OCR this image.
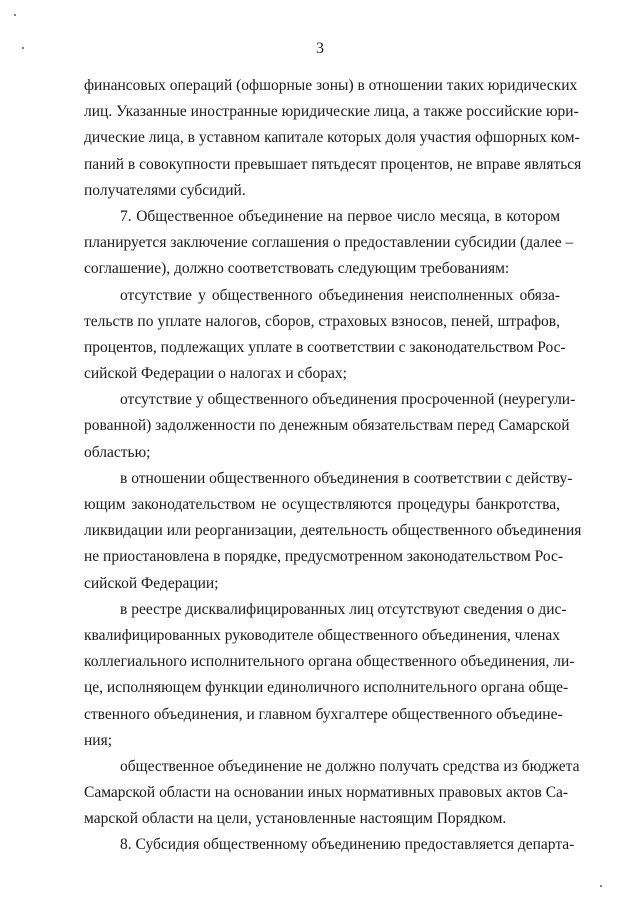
3
финансовых операций (офшорные зоны) в отношении таких юридических
лиц. Указанные иностранные юридические лица, а также российские юри-
дические лица, в уставном капитале которых доля участия офшорных ком-
паний в совокупности превышает пятьдесят процентов, не вправе являться
получателями субсидий.
7. Общественное объединение на первое число месяца, в котором
планируется заключение соглашения о предоставлении субсидии (далее –
соглашение), должно соответствовать следующим требованиям:
отсутствие у общественного объединения неисполненных обяза-
тельств по уплате налогов, сборов, страховых взносов, пеней, штрафов,
процентов, подлежащих уплате в соответствии с законодательством Рос-
сийской Федерации о налогах и сборах;
отсутствие у общественного объединения просроченной (неурегули-
рованной) задолженности по денежным обязательствам перед Самарской
областью;
в отношении общественного объединения в соответствии с действу-
ющим законодательством не осуществляются процедуры банкротства,
ликвидации или реорганизации, деятельность общественного объединения
не приостановлена в порядке, предусмотренном законодательством Рос-
сийской Федерации;
в реестре дисквалифицированных лиц отсутствуют сведения о дис-
квалифицированных руководителе общественного объединения, членах
коллегиального исполнительного органа общественного объединения, ли-
це, исполняющем функции единоличного исполнительного органа обще-
ственного объединения, и главном бухгалтере общественного объедине-
ния;
общественное объединение не должно получать средства из бюджета
Самарской области на основании иных нормативных правовых актов Са-
марской области на цели, установленные настоящим Порядком.
8. Субсидия общественному объединению предоставляется департа-
